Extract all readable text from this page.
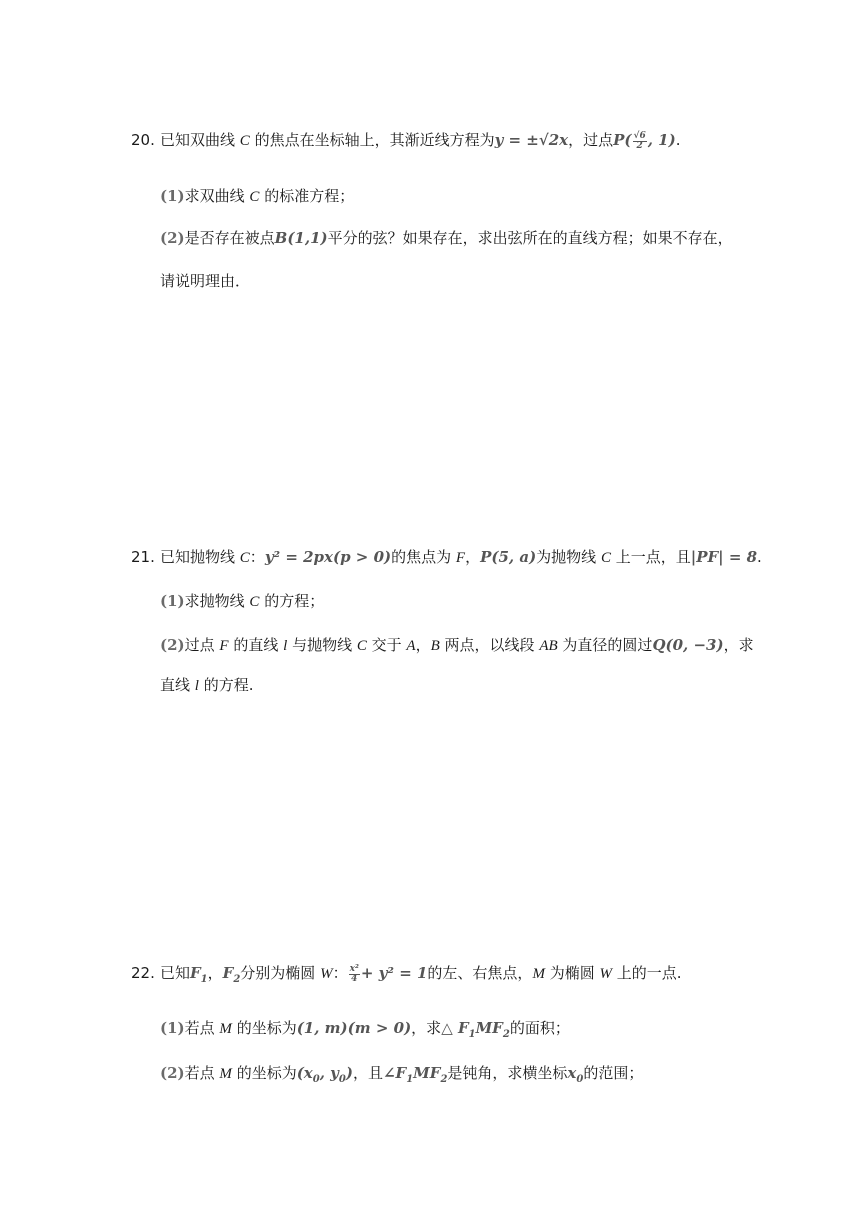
20. 已知双曲线 C 的焦点在坐标轴上，其渐近线方程为y = ±√2x，过点$P( \frac{√6}{2}$ , 1).
(1)求双曲线 C 的标准方程；
(2)是否存在被点B(1,1)平分的弦？如果存在，求出弦所在的直线方程；如果不存在，
请说明理由．
21. 已知抛物线 C：y² = 2px(p > 0)的焦点为 F，P(5, a)为抛物线 C 上一点，且|PF| = 8.
(1)求抛物线 C 的方程；
(2)过点 F 的直线 l 与抛物线 C 交于 A，B 两点，以线段 AB 为直径的圆过Q(0, −3)，求
直线 l 的方程.
22. 已知$F_1$，$F_2$分别为椭圆 W： $\frac{\text{x²}}{4} + y^2 = 1$的左、右焦点，M 为椭圆 W 上的一点.
(1)若点 M 的坐标为(1, m)(m > 0)，求△ $F_1MF_2$的面积；
(2)若点 M 的坐标为($x_0$, $y_0$)，且$\angle F_1MF_2$是钝角，求横坐标$x_0$的范围；
